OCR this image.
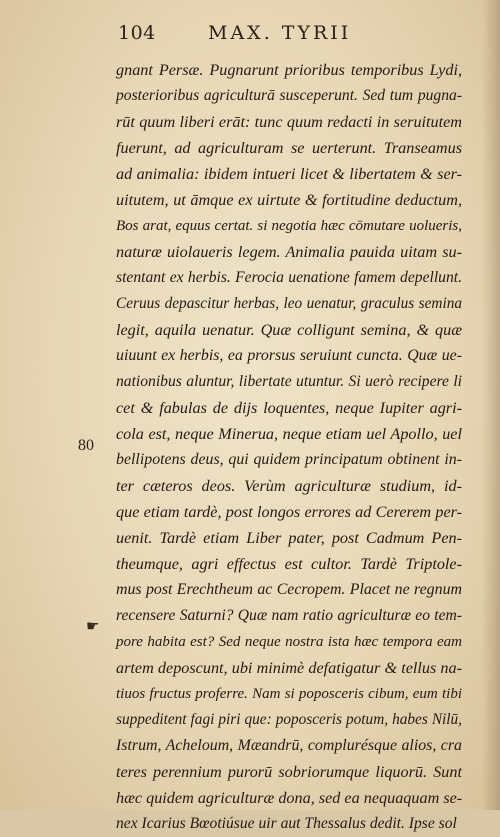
104	MAX. TYRII
80
☛
gnant Persæ. Pugnarunt prioribus temporibus Lydi,
posterioribus agriculturā susceperunt. Sed tum pugna-
rūt quum liberi erāt: tunc quum redacti in seruitutem
fuerunt, ad agriculturam se uerterunt. Transeamus
ad animalia: ibidem intueri licet & libertatem & ser-
uitutem, ut āmque ex uirtute & fortitudine deductum,
Bos arat, equus certat. si negotia hæc cōmutare uolueris,
naturæ uiolaueris legem. Animalia pauida uitam su-
stentant ex herbis. Ferocia uenatione famem depellunt.
Ceruus depascitur herbas, leo uenatur, graculus semina
legit, aquila uenatur. Quæ colligunt semina, & quæ
uiuunt ex herbis, ea prorsus seruiunt cuncta. Quæ ue-
nationibus aluntur, libertate utuntur. Si uerò recipere li
cet & fabulas de dijs loquentes, neque Iupiter agri-
cola est, neque Minerua, neque etiam uel Apollo, uel
bellipotens deus, qui quidem principatum obtinent in-
ter cæteros deos. Verùm agriculturæ studium, id-
que etiam tardè, post longos errores ad Cererem per-
uenit. Tardè etiam Liber pater, post Cadmum Pen-
theumque, agri effectus est cultor. Tardè Triptole-
mus post Erechtheum ac Cecropem. Placet ne regnum
recensere Saturni? Quæ nam ratio agriculturæ eo tem-
pore habita est? Sed neque nostra ista hæc tempora eam
artem deposcunt, ubi minimè defatigatur & tellus na-
tiuos fructus proferre. Nam si poposceris cibum, eum tibi
suppeditent fagi piri que: poposceris potum, habes Nilū,
Istrum, Acheloum, Mæandrū, complurésque alios, cra
teres perennium purorū sobriorumque liquorū. Sunt
hæc quidem agriculturæ dona, sed ea nequaquam se-
nex Icarius Bœotiúsue uir aut Thessalus dedit. Ipse sol
